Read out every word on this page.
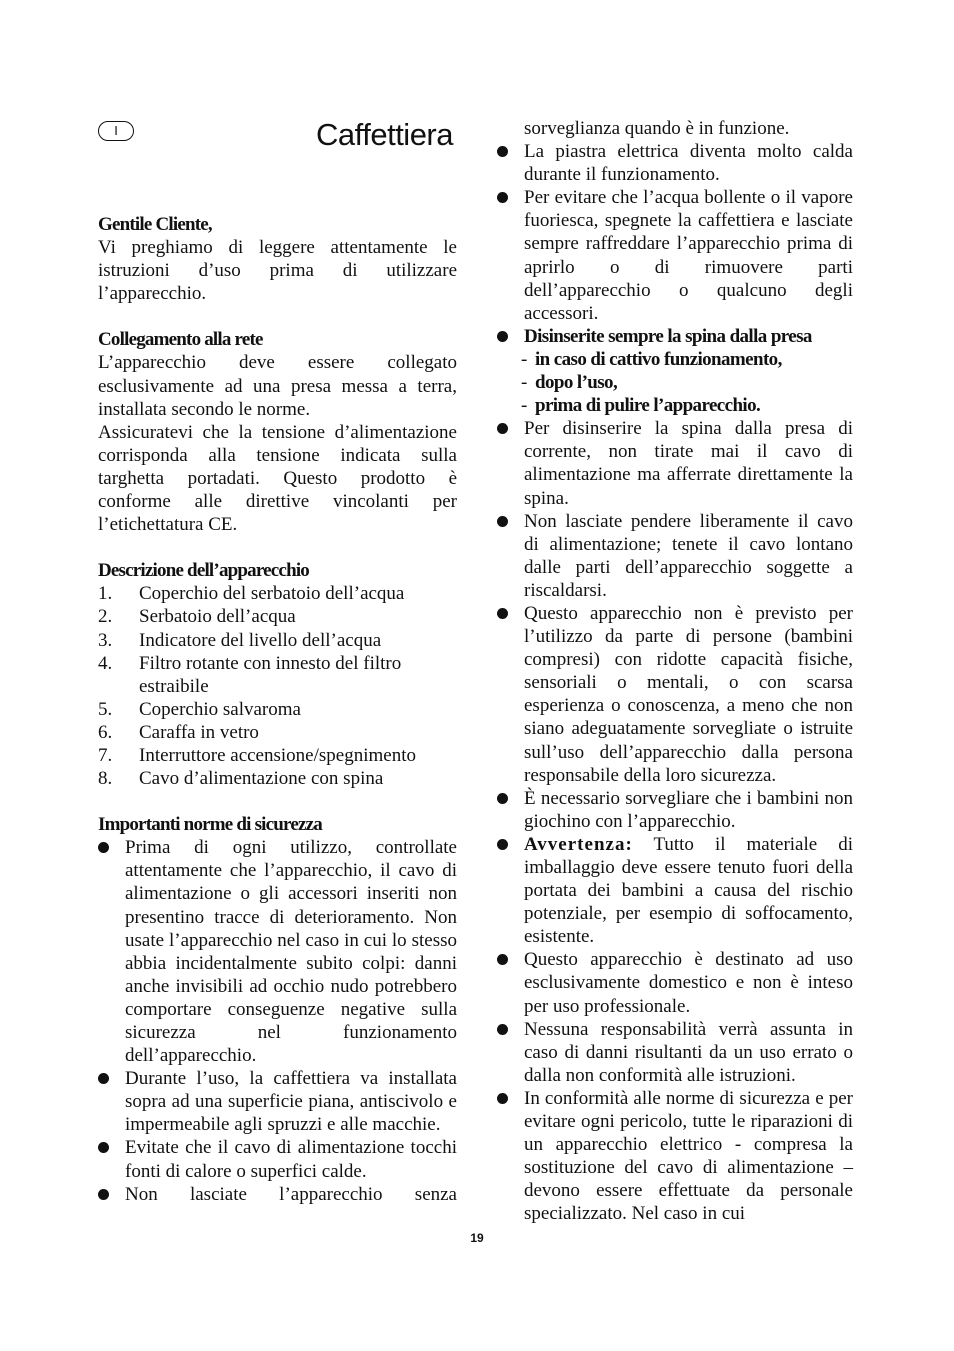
I	Caffettiera
Gentile Cliente,

Vi preghiamo di leggere attentamente le istruzioni d’uso prima di utilizzare l’apparecchio.

Collegamento alla rete

L’apparecchio deve essere collegato esclusivamente ad una presa messa a terra, installata secondo le norme.

Assicuratevi che la tensione d’alimentazione corrisponda alla tensione indicata sulla targhetta portadati. Questo prodotto è conforme alle direttive vincolanti per l’etichettatura CE.

Descrizione dell’apparecchio
1. Coperchio del serbatoio dell’acqua
2. Serbatoio dell’acqua
3. Indicatore del livello dell’acqua
4. Filtro rotante con innesto del filtro estraibile
5. Coperchio salvaroma
6. Caraffa in vetro
7. Interruttore accensione/spegnimento
8. Cavo d’alimentazione con spina
Importanti norme di sicurezza
Prima di ogni utilizzo, controllate attentamente che l’apparecchio, il cavo di alimentazione o gli accessori inseriti non presentino tracce di deterioramento. Non usate l’apparecchio nel caso in cui lo stesso abbia incidentalmente subito colpi: danni anche invisibili ad occhio nudo potrebbero comportare conseguenze negative sulla sicurezza nel funzionamento dell’apparecchio.
Durante l’uso, la caffettiera va installata sopra ad una superficie piana, antiscivolo e impermeabile agli spruzzi e alle macchie.
Evitate che il cavo di alimentazione tocchi fonti di calore o superfici calde.
Non lasciate l’apparecchio senza
sorveglianza quando è in funzione.
La piastra elettrica diventa molto calda durante il funzionamento.
Per evitare che l’acqua bollente o il vapore fuoriesca, spegnete la caffettiera e lasciate sempre raffreddare l’apparecchio prima di aprirlo o di rimuovere parti dell’apparecchio o qualcuno degli accessori.
Disinserite sempre la spina dalla presa
- in caso di cattivo funzionamento,
- dopo l’uso,
- prima di pulire l’apparecchio.
Per disinserire la spina dalla presa di corrente, non tirate mai il cavo di alimentazione ma afferrate direttamente la spina.
Non lasciate pendere liberamente il cavo di alimentazione; tenete il cavo lontano dalle parti dell’apparecchio soggette a riscaldarsi.
Questo apparecchio non è previsto per l’utilizzo da parte di persone (bambini compresi) con ridotte capacità fisiche, sensoriali o mentali, o con scarsa esperienza o conoscenza, a meno che non siano adeguatamente sorvegliate o istruite sull’uso dell’apparecchio dalla persona responsabile della loro sicurezza.
È necessario sorvegliare che i bambini non giochino con l’apparecchio.
Avvertenza: Tutto il materiale di imballaggio deve essere tenuto fuori della portata dei bambini a causa del rischio potenziale, per esempio di soffocamento, esistente.
Questo apparecchio è destinato ad uso esclusivamente domestico e non è inteso per uso professionale.
Nessuna responsabilità verrà assunta in caso di danni risultanti da un uso errato o dalla non conformità alle istruzioni.
In conformità alle norme di sicurezza e per evitare ogni pericolo, tutte le riparazioni di un apparecchio elettrico - compresa la sostituzione del cavo di alimentazione – devono essere effettuate da personale specializzato. Nel caso in cui
19
